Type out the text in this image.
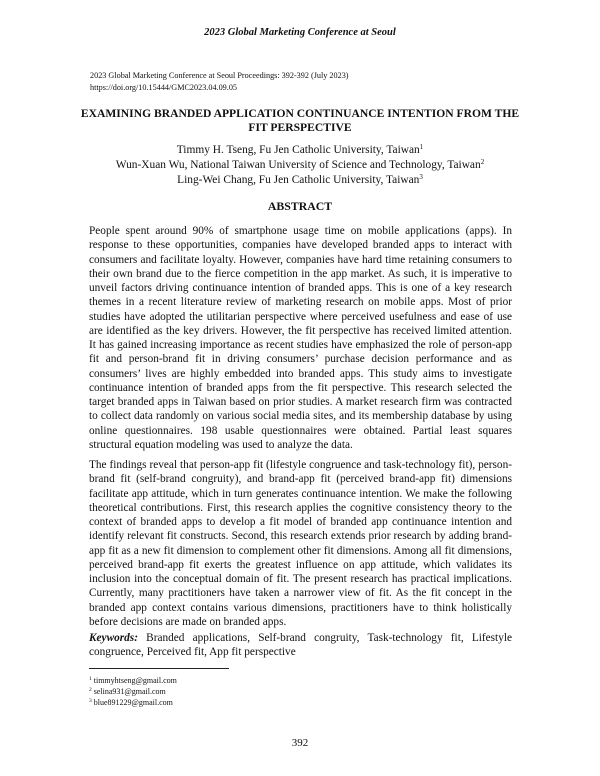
2023 Global Marketing Conference at Seoul
2023 Global Marketing Conference at Seoul Proceedings: 392-392 (July 2023)
https://doi.org/10.15444/GMC2023.04.09.05
EXAMINING BRANDED APPLICATION CONTINUANCE INTENTION FROM THE FIT PERSPECTIVE
Timmy H. Tseng, Fu Jen Catholic University, Taiwan$^1$
Wun-Xuan Wu, National Taiwan University of Science and Technology, Taiwan$^2$
Ling-Wei Chang, Fu Jen Catholic University, Taiwan$^3$
ABSTRACT
People spent around 90% of smartphone usage time on mobile applications (apps). In response to these opportunities, companies have developed branded apps to interact with consumers and facilitate loyalty. However, companies have hard time retaining consumers to their own brand due to the fierce competition in the app market. As such, it is imperative to unveil factors driving continuance intention of branded apps. This is one of a key research themes in a recent literature review of marketing research on mobile apps. Most of prior studies have adopted the utilitarian perspective where perceived usefulness and ease of use are identified as the key drivers. However, the fit perspective has received limited attention. It has gained increasing importance as recent studies have emphasized the role of person-app fit and person-brand fit in driving consumers’ purchase decision performance and as consumers’ lives are highly embedded into branded apps. This study aims to investigate continuance intention of branded apps from the fit perspective. This research selected the target branded apps in Taiwan based on prior studies. A market research firm was contracted to collect data randomly on various social media sites, and its membership database by using online questionnaires. 198 usable questionnaires were obtained. Partial least squares structural equation modeling was used to analyze the data.
The findings reveal that person-app fit (lifestyle congruence and task-technology fit), person-brand fit (self-brand congruity), and brand-app fit (perceived brand-app fit) dimensions facilitate app attitude, which in turn generates continuance intention. We make the following theoretical contributions. First, this research applies the cognitive consistency theory to the context of branded apps to develop a fit model of branded app continuance intention and identify relevant fit constructs. Second, this research extends prior research by adding brand-app fit as a new fit dimension to complement other fit dimensions. Among all fit dimensions, perceived brand-app fit exerts the greatest influence on app attitude, which validates its inclusion into the conceptual domain of fit. The present research has practical implications. Currently, many practitioners have taken a narrower view of fit. As the fit concept in the branded app context contains various dimensions, practitioners have to think holistically before decisions are made on branded apps.
Keywords: Branded applications, Self-brand congruity, Task-technology fit, Lifestyle congruence, Perceived fit, App fit perspective
$^1$ timmyhtseng@gmail.com
$^2$ selina931@gmail.com
$^3$ blue891229@gmail.com
392
